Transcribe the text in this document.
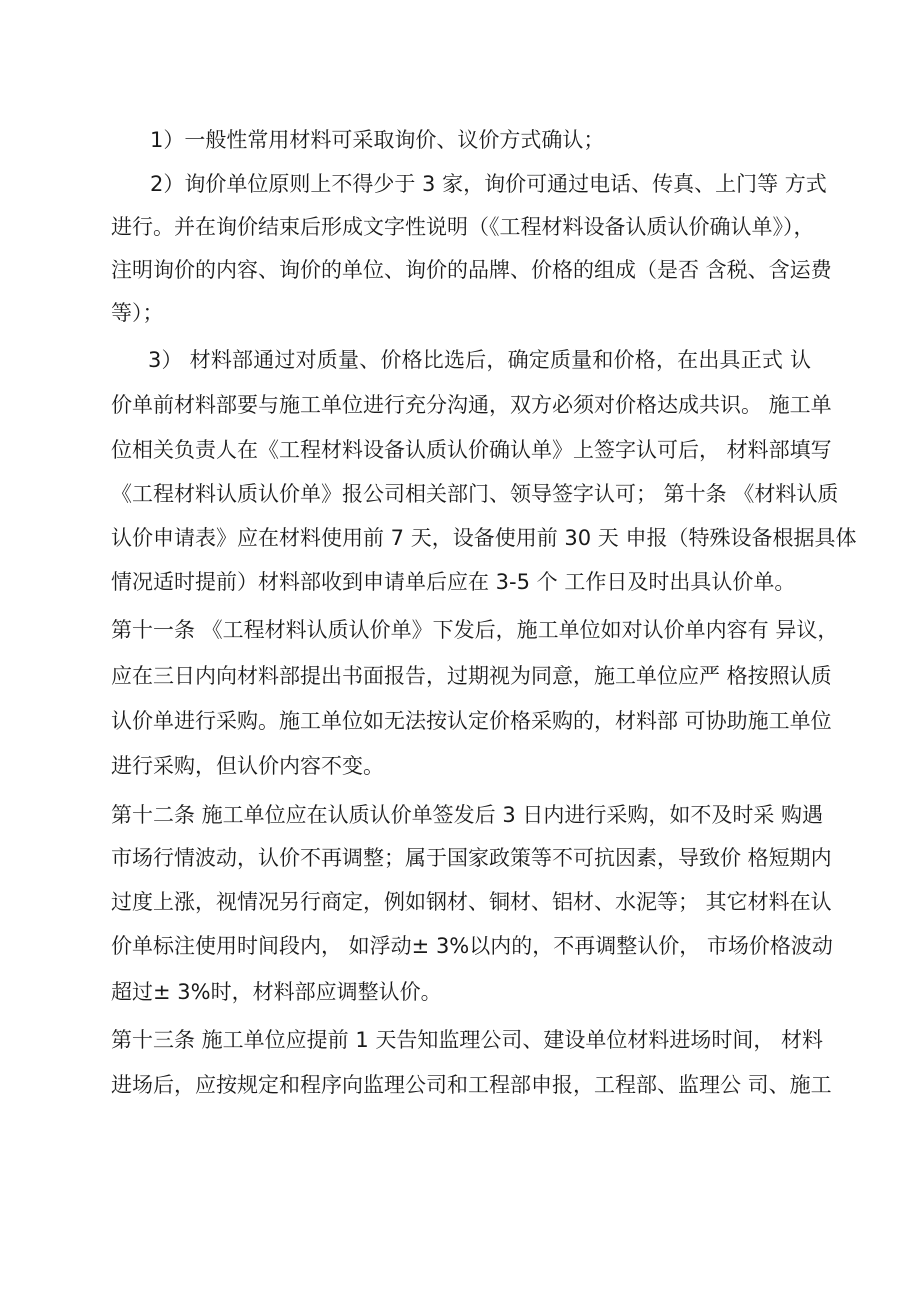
1）一般性常用材料可采取询价、议价方式确认；
2）询价单位原则上不得少于 3 家，询价可通过电话、传真、上门等 方式
进行。并在询价结束后形成文字性说明（《工程材料设备认质认价确认单》），
注明询价的内容、询价的单位、询价的品牌、价格的组成（是否 含税、含运费
等）；
3） 材料部通过对质量、价格比选后，确定质量和价格，在出具正式 认
价单前材料部要与施工单位进行充分沟通，双方必须对价格达成共识。 施工单
位相关负责人在《工程材料设备认质认价确认单》上签字认可后， 材料部填写
《工程材料认质认价单》报公司相关部门、领导签字认可； 第十条 《材料认质
认价申请表》应在材料使用前 7 天，设备使用前 30 天 申报（特殊设备根据具体
情况适时提前）材料部收到申请单后应在 3-5 个 工作日及时出具认价单。
第十一条 《工程材料认质认价单》下发后，施工单位如对认价单内容有 异议，
应在三日内向材料部提出书面报告，过期视为同意，施工单位应严 格按照认质
认价单进行采购。施工单位如无法按认定价格采购的，材料部 可协助施工单位
进行采购，但认价内容不变。
第十二条 施工单位应在认质认价单签发后 3 日内进行采购，如不及时采 购遇
市场行情波动，认价不再调整；属于国家政策等不可抗因素，导致价 格短期内
过度上涨，视情况另行商定，例如钢材、铜材、铝材、水泥等； 其它材料在认
价单标注使用时间段内， 如浮动± 3%以内的，不再调整认价， 市场价格波动
超过± 3%时，材料部应调整认价。
第十三条 施工单位应提前 1 天告知监理公司、建设单位材料进场时间， 材料
进场后，应按规定和程序向监理公司和工程部申报，工程部、监理公 司、施工
